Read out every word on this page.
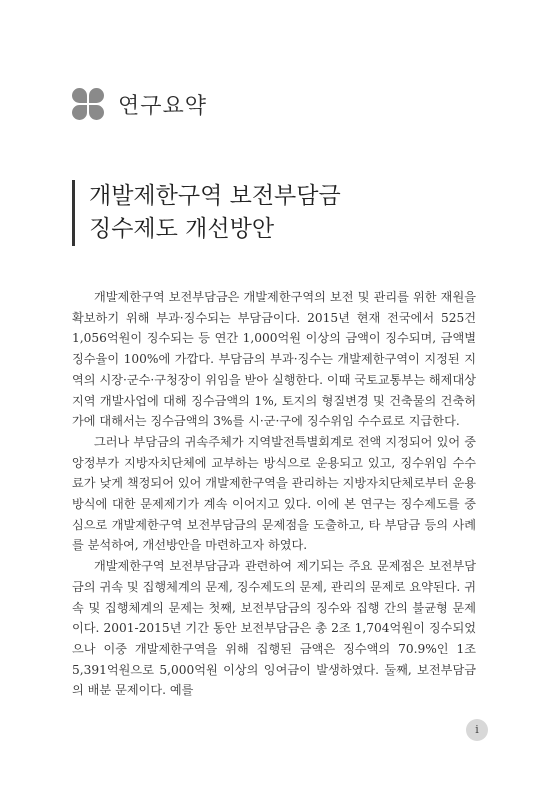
연구요약
개발제한구역 보전부담금
징수제도 개선방안

개발제한구역 보전부담금은 개발제한구역의 보전 및 관리를 위한 재원을 확보하기 위해 부과·징수되는 부담금이다. 2015년 현재 전국에서 525건 1,056억원이 징수되는 등 연간 1,000억원 이상의 금액이 징수되며, 금액별 징수율이 100%에 가깝다. 부담금의 부과·징수는 개발제한구역이 지정된 지역의 시장·군수·구청장이 위임을 받아 실행한다. 이때 국토교통부는 해제대상지역 개발사업에 대해 징수금액의 1%, 토지의 형질변경 및 건축물의 건축허가에 대해서는 징수금액의 3%를 시·군·구에 징수위임 수수료로 지급한다.

그러나 부담금의 귀속주체가 지역발전특별회계로 전액 지정되어 있어 중앙정부가 지방자치단체에 교부하는 방식으로 운용되고 있고, 징수위임 수수료가 낮게 책정되어 있어 개발제한구역을 관리하는 지방자치단체로부터 운용방식에 대한 문제제기가 계속 이어지고 있다. 이에 본 연구는 징수제도를 중심으로 개발제한구역 보전부담금의 문제점을 도출하고, 타 부담금 등의 사례를 분석하여, 개선방안을 마련하고자 하였다.

개발제한구역 보전부담금과 관련하여 제기되는 주요 문제점은 보전부담금의 귀속 및 집행체계의 문제, 징수제도의 문제, 관리의 문제로 요약된다. 귀속 및 집행체계의 문제는 첫째, 보전부담금의 징수와 집행 간의 불균형 문제이다. 2001-2015년 기간 동안 보전부담금은 총 2조 1,704억원이 징수되었으나 이중 개발제한구역을 위해 집행된 금액은 징수액의 70.9%인 1조 5,391억원으로 5,000억원 이상의 잉여금이 발생하였다. 둘째, 보전부담금의 배분 문제이다. 예를

i
